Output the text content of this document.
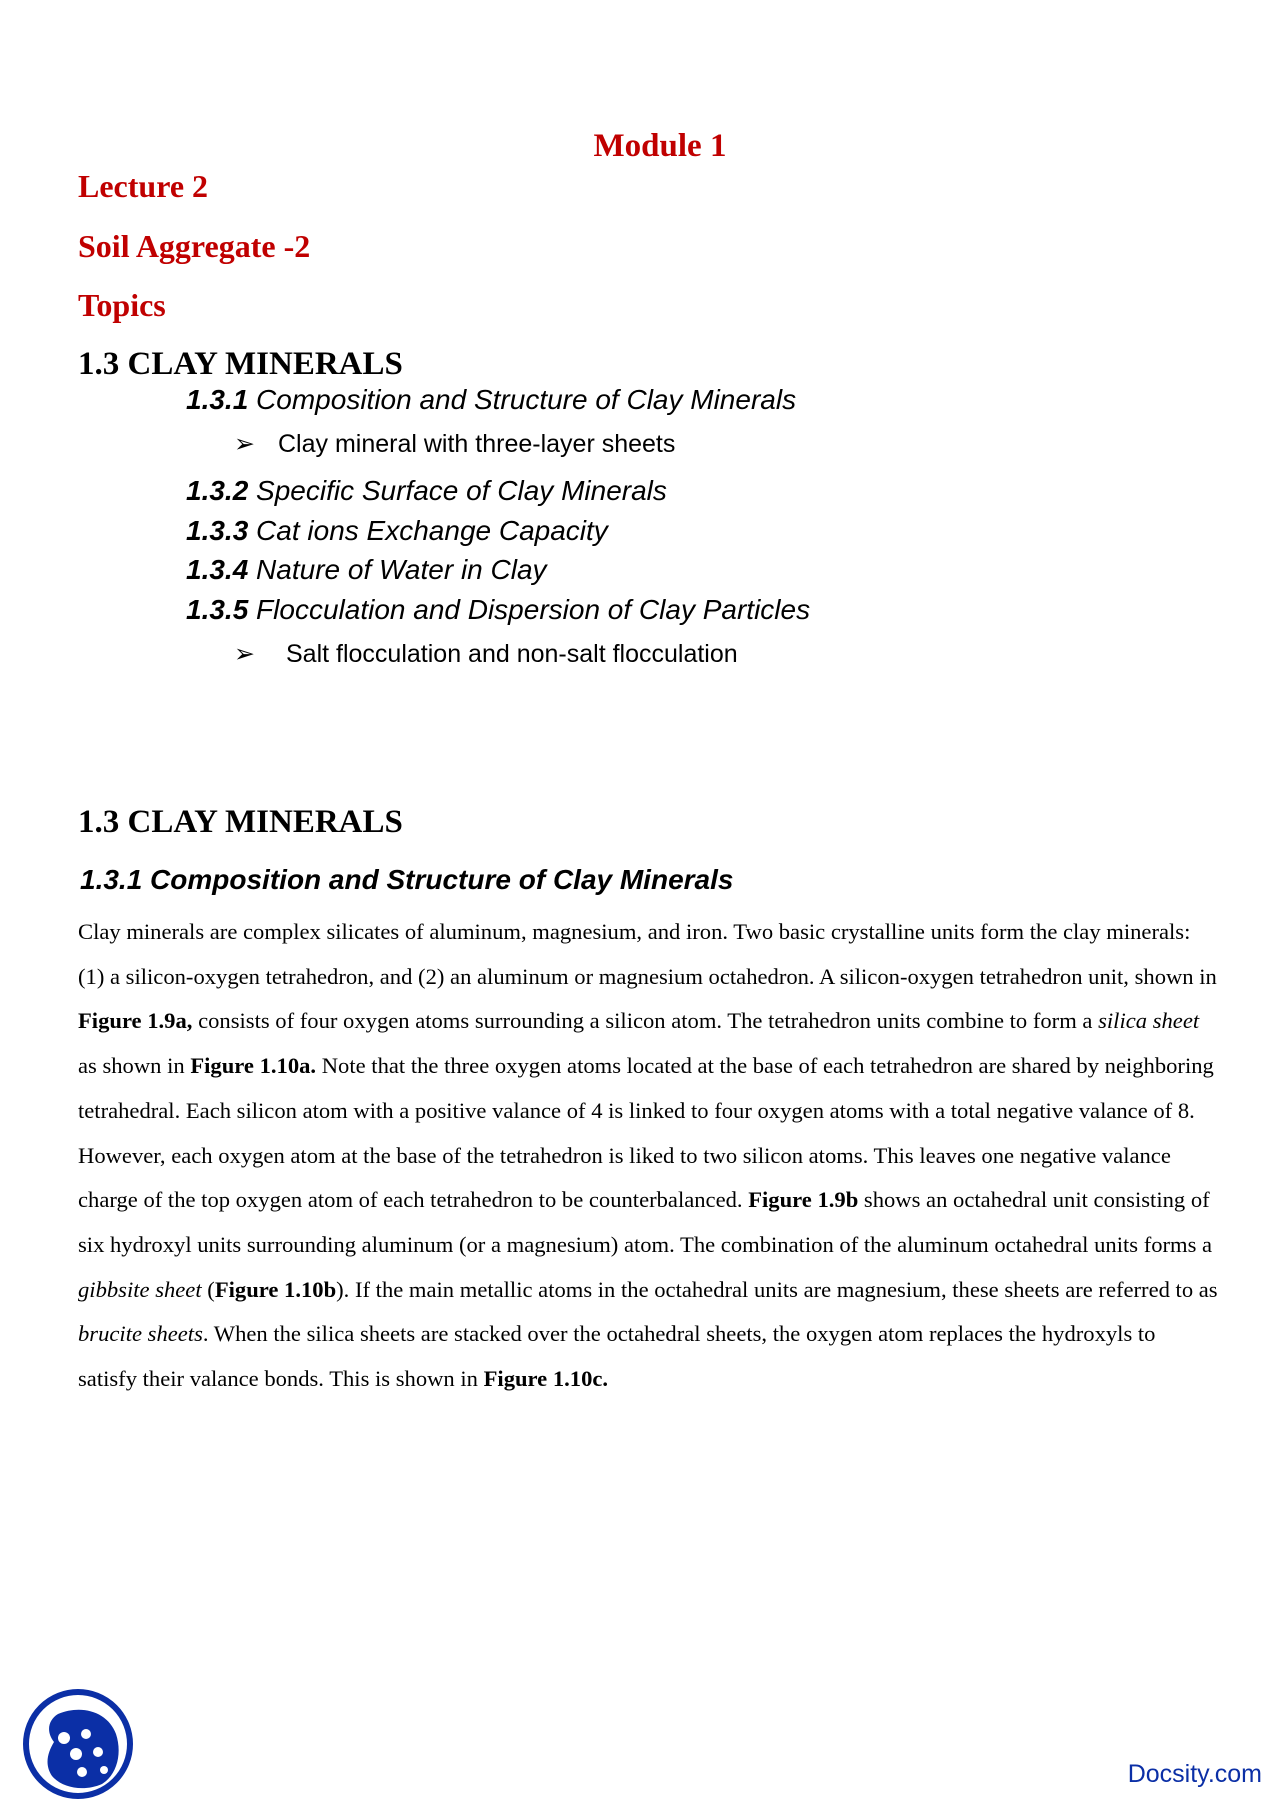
Module 1
Lecture 2
Soil Aggregate -2
Topics
1.3 CLAY MINERALS
1.3.1 Composition and Structure of Clay Minerals
➢ Clay mineral with three-layer sheets
1.3.2 Specific Surface of Clay Minerals
1.3.3 Cat ions Exchange Capacity
1.3.4 Nature of Water in Clay
1.3.5 Flocculation and Dispersion of Clay Particles
➢ Salt flocculation and non-salt flocculation
1.3 CLAY MINERALS
1.3.1 Composition and Structure of Clay Minerals
Clay minerals are complex silicates of aluminum, magnesium, and iron. Two basic crystalline units form the clay minerals: (1) a silicon-oxygen tetrahedron, and (2) an aluminum or magnesium octahedron. A silicon-oxygen tetrahedron unit, shown in Figure 1.9a, consists of four oxygen atoms surrounding a silicon atom. The tetrahedron units combine to form a silica sheet as shown in Figure 1.10a. Note that the three oxygen atoms located at the base of each tetrahedron are shared by neighboring tetrahedral. Each silicon atom with a positive valance of 4 is linked to four oxygen atoms with a total negative valance of 8. However, each oxygen atom at the base of the tetrahedron is liked to two silicon atoms. This leaves one negative valance charge of the top oxygen atom of each tetrahedron to be counterbalanced. Figure 1.9b shows an octahedral unit consisting of six hydroxyl units surrounding aluminum (or a magnesium) atom. The combination of the aluminum octahedral units forms a gibbsite sheet (Figure 1.10b). If the main metallic atoms in the octahedral units are magnesium, these sheets are referred to as brucite sheets. When the silica sheets are stacked over the octahedral sheets, the oxygen atom replaces the hydroxyls to satisfy their valance bonds. This is shown in Figure 1.10c.
Docsity.com
